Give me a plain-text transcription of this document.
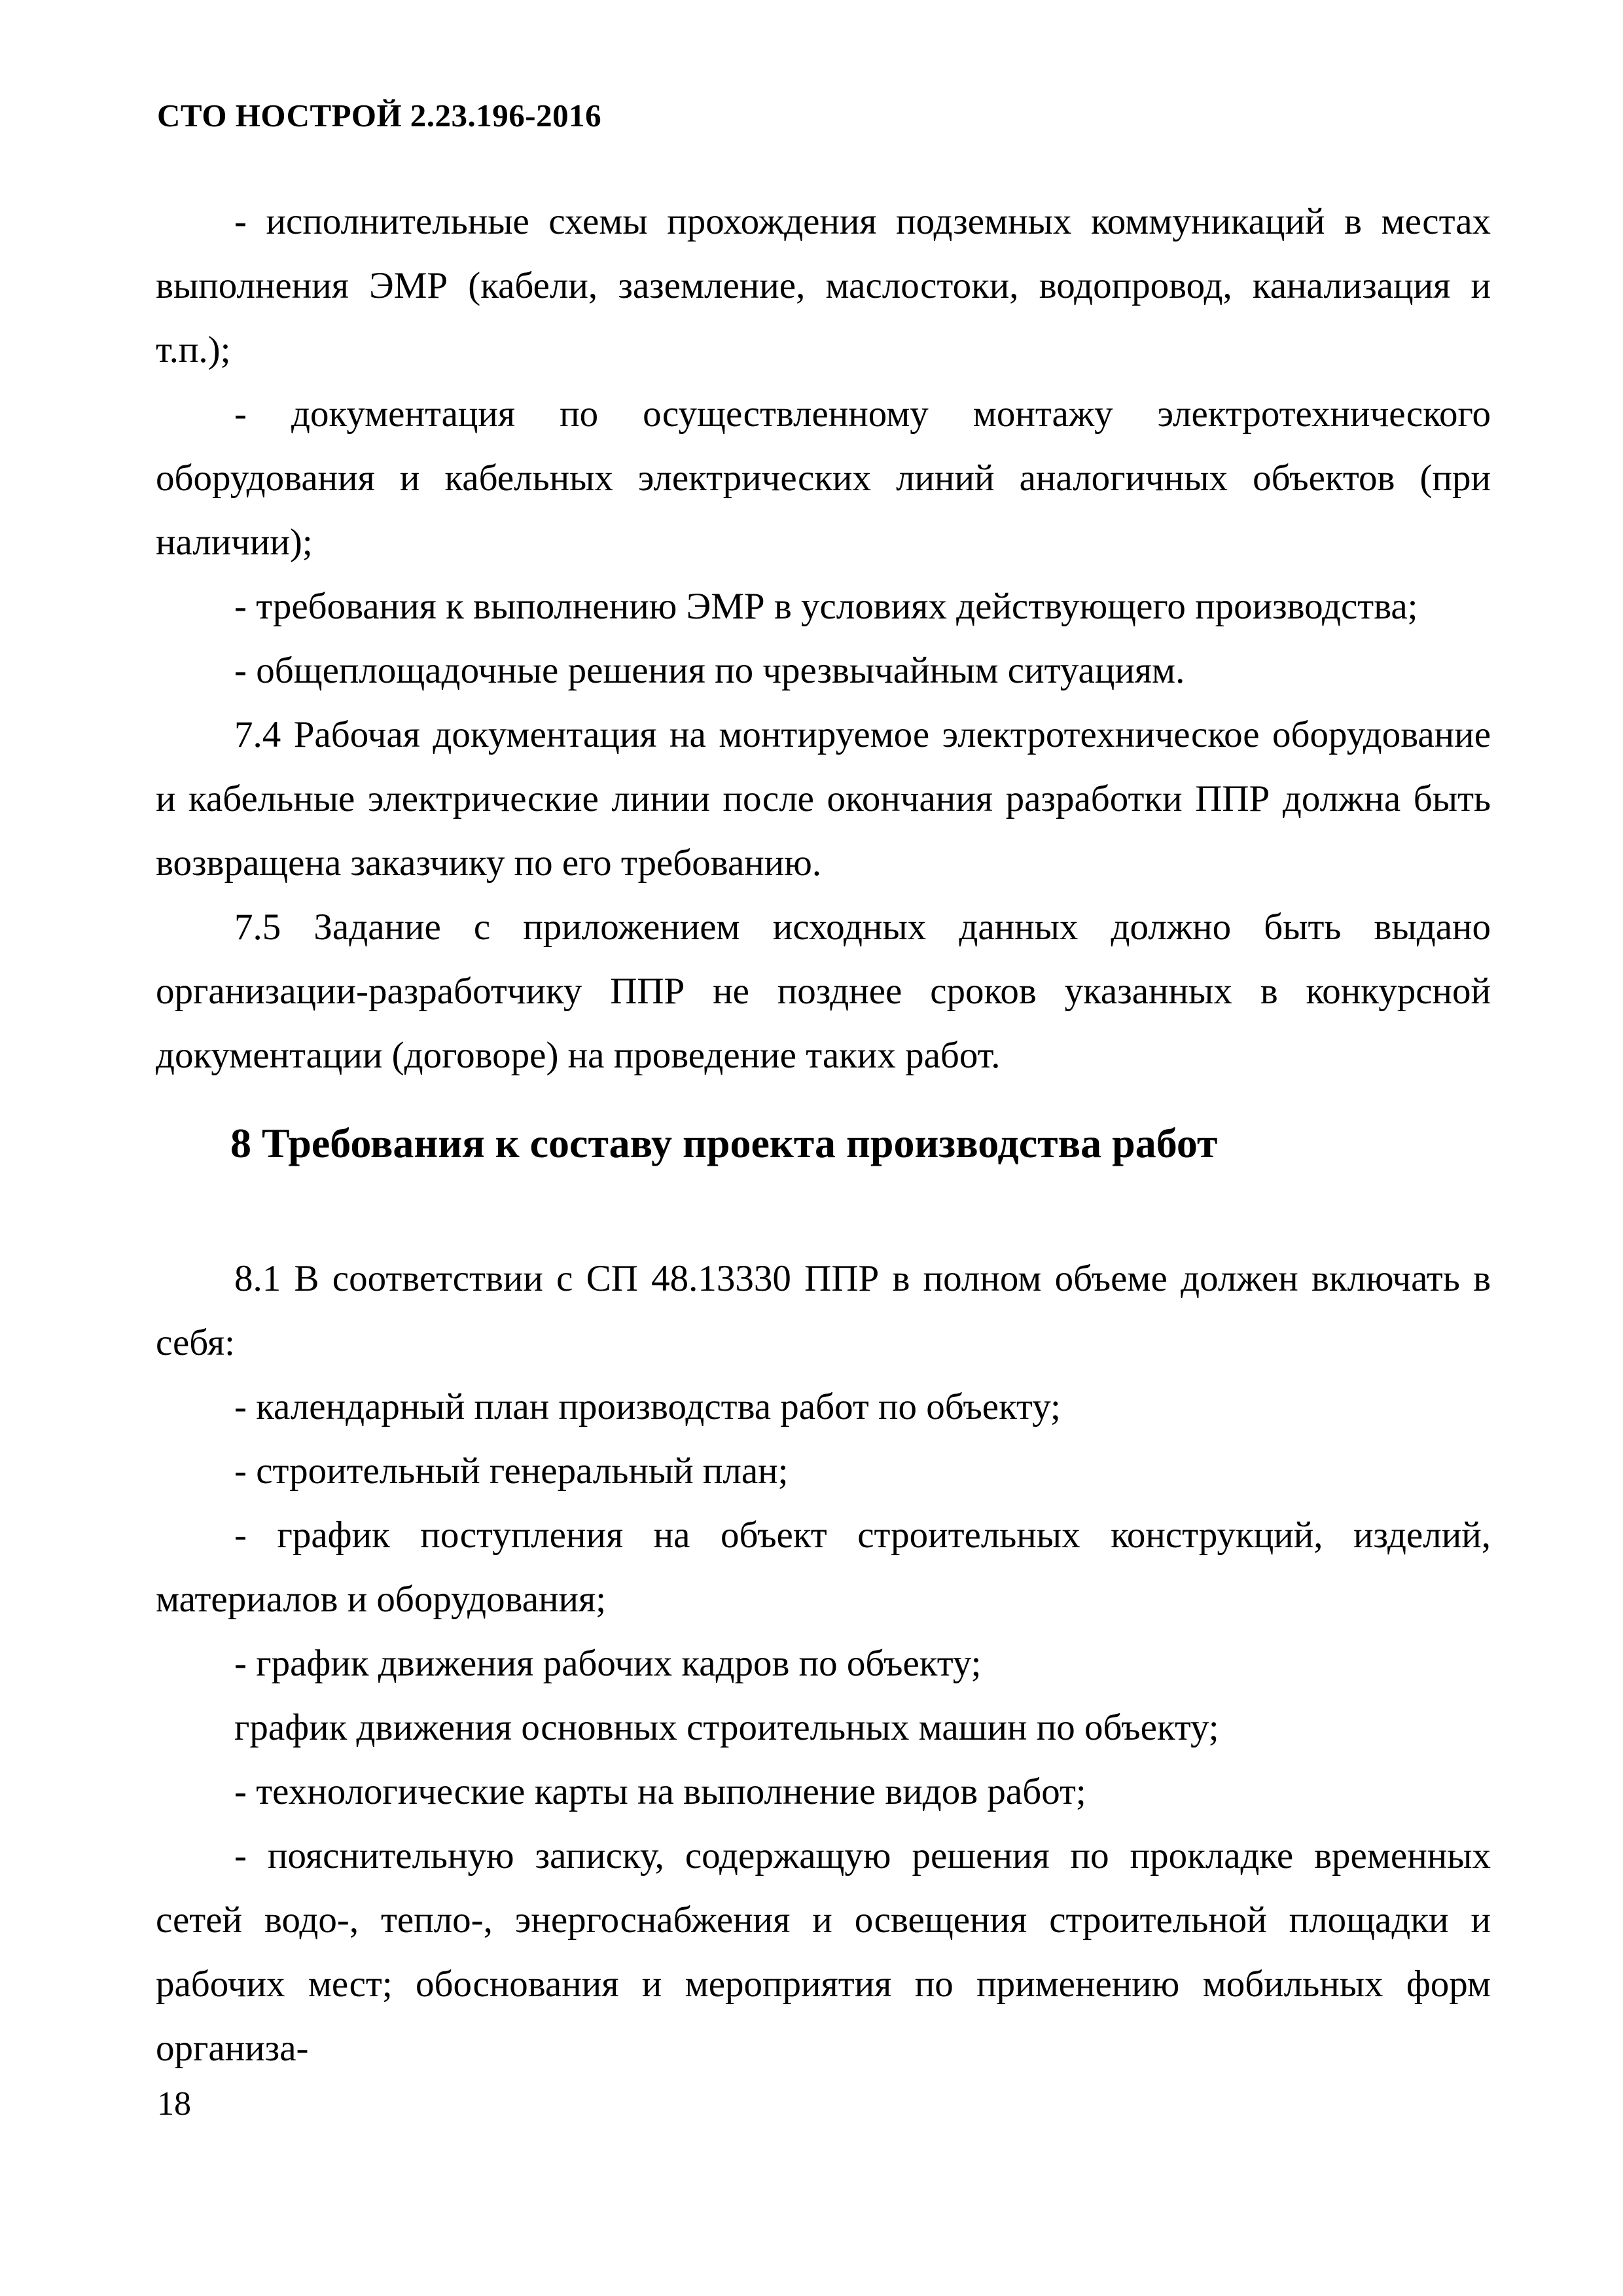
СТО НОСТРОЙ 2.23.196-2016

- исполнительные схемы прохождения подземных коммуникаций в местах выполнения ЭМР (кабели, заземление, маслостоки, водопровод, канализация и т.п.);

- документация по осуществленному монтажу электротехнического оборудования и кабельных электрических линий аналогичных объектов (при наличии);

- требования к выполнению ЭМР в условиях действующего производства;

- общеплощадочные решения по чрезвычайным ситуациям.

7.4 Рабочая документация на монтируемое электротехническое оборудование и кабельные электрические линии после окончания разработки ППР должна быть возвращена заказчику по его требованию.

7.5 Задание с приложением исходных данных должно быть выдано организации-разработчику ППР не позднее сроков указанных в конкурсной документации (договоре) на проведение таких работ.

8 Требования к составу проекта производства работ

8.1 В соответствии с СП 48.13330 ППР в полном объеме должен включать в себя:

- календарный план производства работ по объекту;

- строительный генеральный план;

- график поступления на объект строительных конструкций, изделий, материалов и оборудования;

- график движения рабочих кадров по объекту;

график движения основных строительных машин по объекту;

- технологические карты на выполнение видов работ;

- пояснительную записку, содержащую решения по прокладке временных сетей водо-, тепло-, энергоснабжения и освещения строительной площадки и рабочих мест; обоснования и мероприятия по применению мобильных форм организа-

18
